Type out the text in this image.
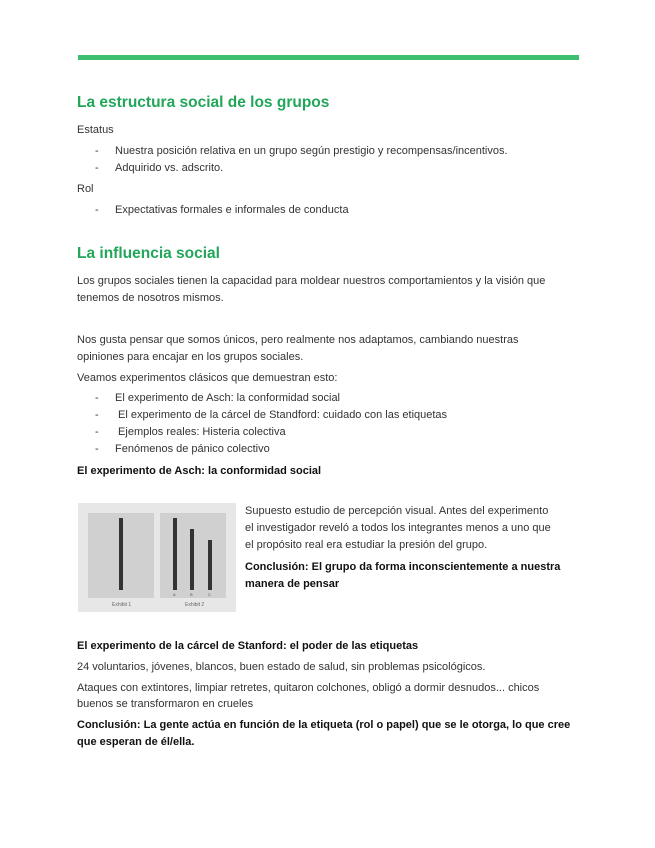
La estructura social de los grupos
Estatus
- Nuestra posición relativa en un grupo según prestigio y recompensas/incentivos.
- Adquirido vs. adscrito.
Rol
- Expectativas formales e informales de conducta
La influencia social
Los grupos sociales tienen la capacidad para moldear nuestros comportamientos y la visión que
tenemos de nosotros mismos.
Nos gusta pensar que somos únicos, pero realmente nos adaptamos, cambiando nuestras
opiniones para encajar en los grupos sociales.
Veamos experimentos clásicos que demuestran esto:
- El experimento de Asch: la conformidad social
- El experimento de la cárcel de Standford: cuidado con las etiquetas
- Ejemplos reales: Histeria colectiva
- Fenómenos de pánico colectivo
El experimento de Asch: la conformidad social
A	B	C
Exhibit 1	Exhibit 2
Supuesto estudio de percepción visual. Antes del experimento
el investigador reveló a todos los integrantes menos a uno que
el propósito real era estudiar la presión del grupo.
Conclusión: El grupo da forma inconscientemente a nuestra
manera de pensar
El experimento de la cárcel de Stanford: el poder de las etiquetas
24 voluntarios, jóvenes, blancos, buen estado de salud, sin problemas psicológicos.
Ataques con extintores, limpiar retretes, quitaron colchones, obligó a dormir desnudos... chicos
buenos se transformaron en crueles
Conclusión: La gente actúa en función de la etiqueta (rol o papel) que se le otorga, lo que cree
que esperan de él/ella.
